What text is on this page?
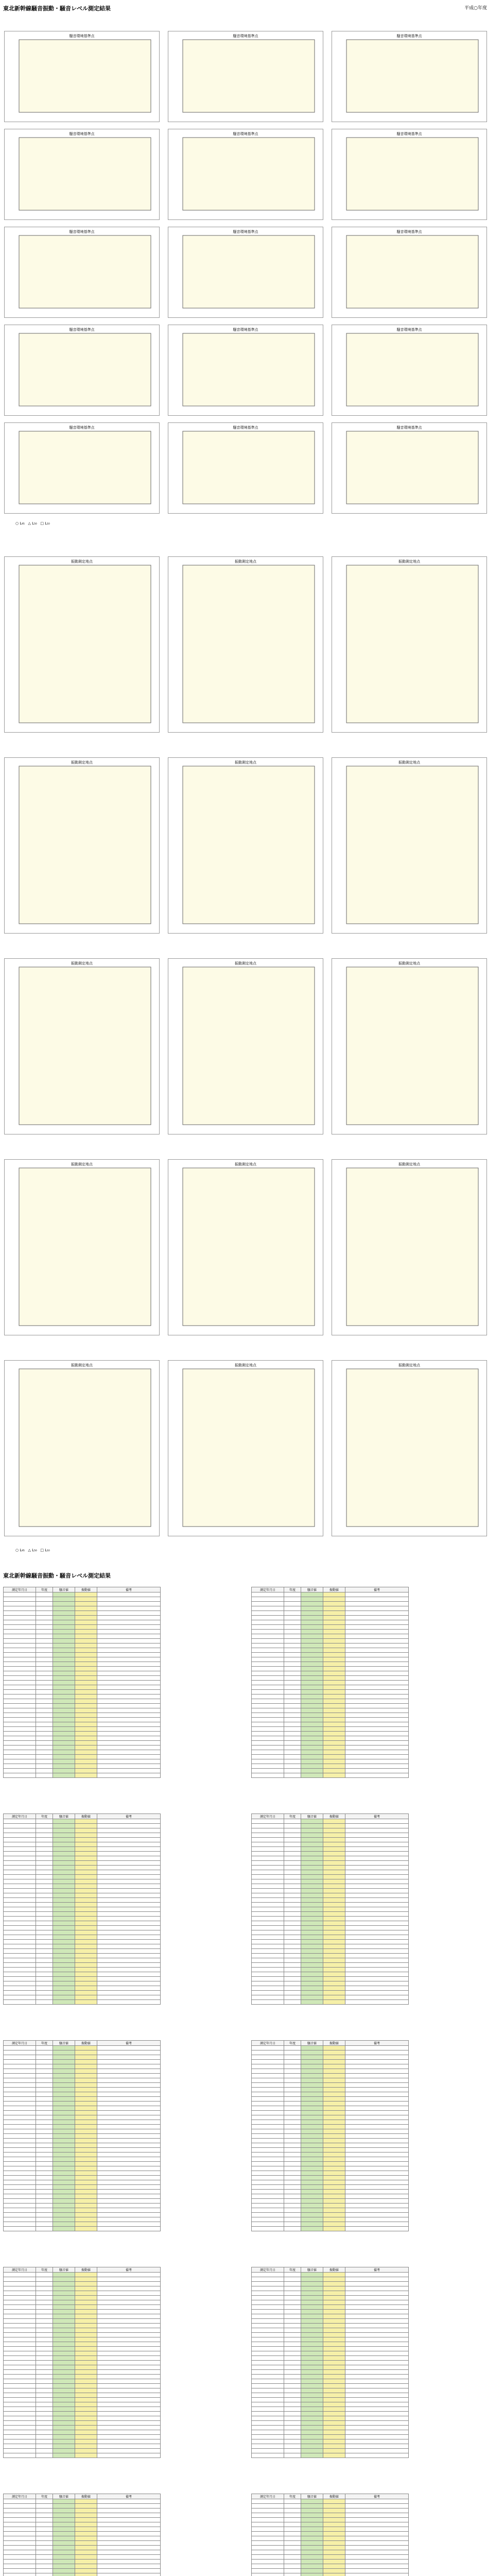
東北新幹線騒音振動・騒音レベル測定結果	平成○年度
騒音環境基準点	騒音環境基準点	騒音環境基準点
騒音環境基準点	騒音環境基準点	騒音環境基準点
騒音環境基準点	騒音環境基準点	騒音環境基準点
騒音環境基準点	騒音環境基準点	騒音環境基準点
騒音環境基準点	騒音環境基準点	騒音環境基準点
振動測定地点	振動測定地点	振動測定地点
振動測定地点	振動測定地点	振動測定地点
振動測定地点	振動測定地点	振動測定地点
振動測定地点	振動測定地点	振動測定地点
振動測定地点	振動測定地点	振動測定地点
○ L₉₅ △ L₅₀ □ L₁₀
○ L₉₅ △ L₅₀ □ L₁₀
東北新幹線騒音振動・騒音レベル測定結果
測定年月日	年度	騒音値	振動値	備考

					測定年月日	年度	騒音値	振動値	備考

測定年月日	年度	騒音値	振動値	備考

					測定年月日	年度	騒音値	振動値	備考

測定年月日	年度	騒音値	振動値	備考

					測定年月日	年度	騒音値	振動値	備考

測定年月日	年度	騒音値	振動値	備考

					測定年月日	年度	騒音値	振動値	備考

測定年月日	年度	騒音値	振動値	備考

					測定年月日	年度	騒音値	振動値	備考
